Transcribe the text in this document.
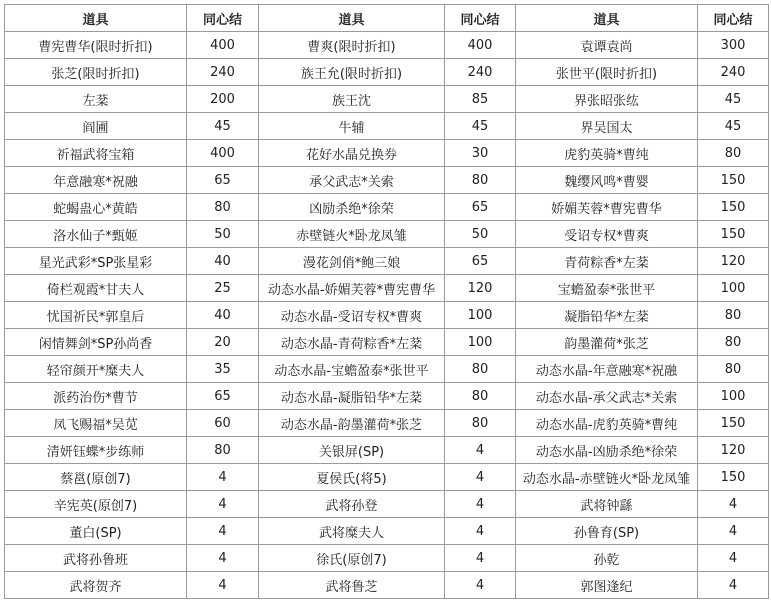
道具	同心结	道具	同心结	道具	同心结
曹宪曹华(限时折扣)	400	曹爽(限时折扣)	400	袁谭袁尚	300
张芝(限时折扣)	240	族王允(限时折扣)	240	张世平(限时折扣)	240
左棻	200	族王沈	85	界张昭张纮	45
阎圃	45	牛辅	45	界吴国太	45
祈福武将宝箱	400	花好水晶兑换券	30	虎豹英骑*曹纯	80
年意融寒*祝融	65	承父武志*关索	80	魏缨风鸣*曹婴	150
蛇蝎蛊心*黄皓	80	凶励杀绝*徐荣	65	娇媚芙蓉*曹宪曹华	150
洛水仙子*甄姬	50	赤壁链火*卧龙凤雏	50	受诏专权*曹爽	150
星光武彩*SP张星彩	40	漫花剑俏*鲍三娘	65	青荷粽香*左棻	120
倚栏观霞*甘夫人	25	动态水晶-娇媚芙蓉*曹宪曹华	120	宝蟾盈泰*张世平	100
忧国祈民*郭皇后	40	动态水晶-受诏专权*曹爽	100	凝脂铅华*左棻	80
闲情舞剑*SP孙尚香	20	动态水晶-青荷粽香*左棻	100	韵墨灌荷*张芝	80
轻帘颜开*糜夫人	35	动态水晶-宝蟾盈泰*张世平	80	动态水晶-年意融寒*祝融	80
派药治伤*曹节	65	动态水晶-凝脂铅华*左棻	80	动态水晶-承父武志*关索	100
凤飞赐福*吴苋	60	动态水晶-韵墨灌荷*张芝	80	动态水晶-虎豹英骑*曹纯	150
清妍钰蝶*步练师	80	关银屏(SP)	4	动态水晶-凶励杀绝*徐荣	120
蔡邕(原创7)	4	夏侯氏(将5)	4	动态水晶-赤壁链火*卧龙凤雏	150
辛宪英(原创7)	4	武将孙登	4	武将钟繇	4
董白(SP)	4	武将糜夫人	4	孙鲁育(SP)	4
武将孙鲁班	4	徐氏(原创7)	4	孙乾	4
武将贺齐	4	武将鲁芝	4	郭图逢纪	4
